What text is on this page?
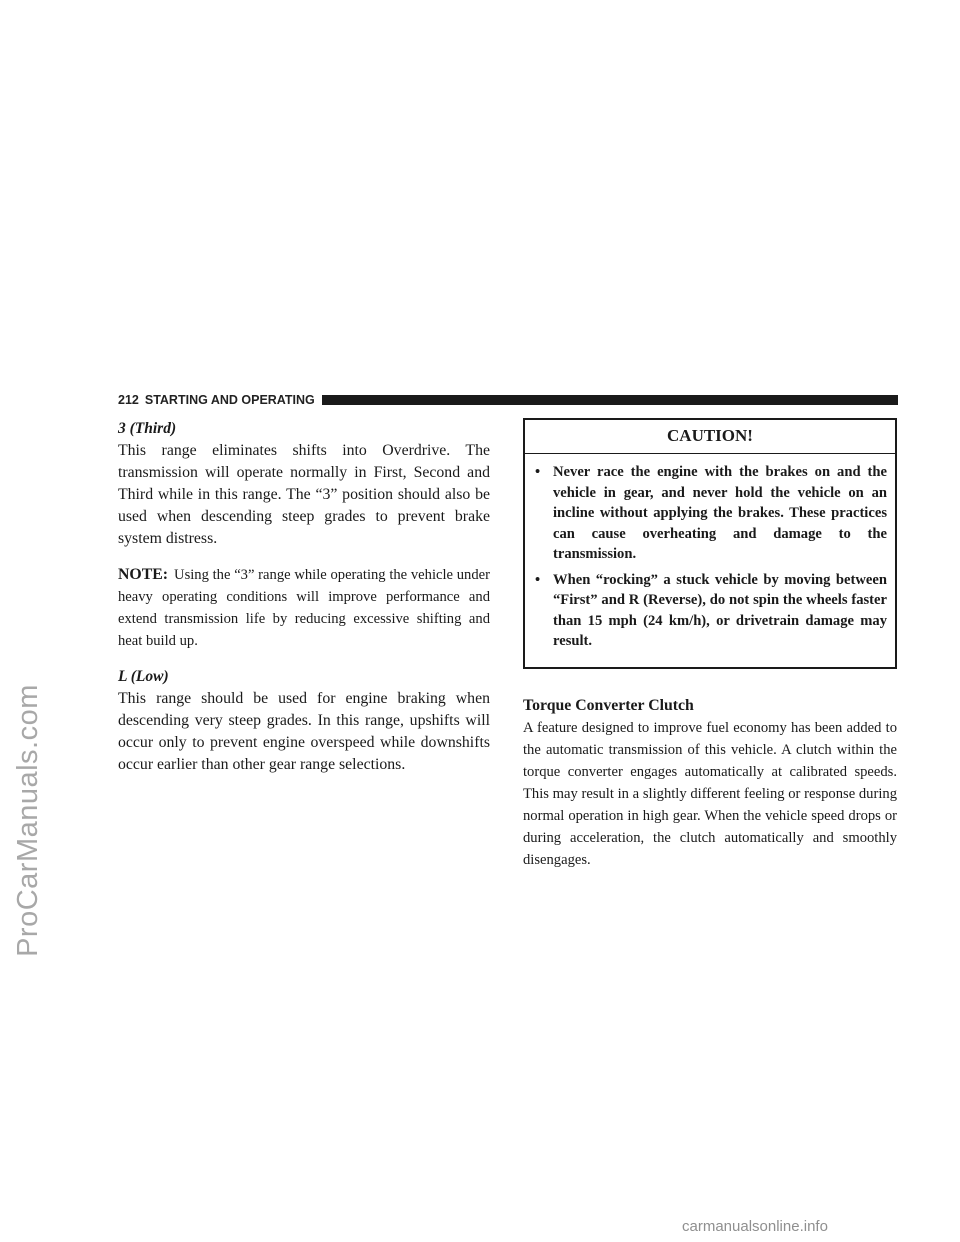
ProCarManuals.com
212 STARTING AND OPERATING

3 (Third)

This range eliminates shifts into Overdrive. The transmission will operate normally in First, Second and Third while in this range. The “3” position should also be used when descending steep grades to prevent brake system distress.

NOTE: Using the “3” range while operating the vehicle under heavy operating conditions will improve performance and extend transmission life by reducing excessive shifting and heat build up.

L (Low)

This range should be used for engine braking when descending very steep grades. In this range, upshifts will occur only to prevent engine overspeed while downshifts occur earlier than other gear range selections.

CAUTION!

• Never race the engine with the brakes on and the vehicle in gear, and never hold the vehicle on an incline without applying the brakes. These practices can cause overheating and damage to the transmission.
• When “rocking” a stuck vehicle by moving between “First” and R (Reverse), do not spin the wheels faster than 15 mph (24 km/h), or drivetrain damage may result.

Torque Converter Clutch

A feature designed to improve fuel economy has been added to the automatic transmission of this vehicle. A clutch within the torque converter engages automatically at calibrated speeds. This may result in a slightly different feeling or response during normal operation in high gear. When the vehicle speed drops or during acceleration, the clutch automatically and smoothly disengages.

carmanualsonline.info
